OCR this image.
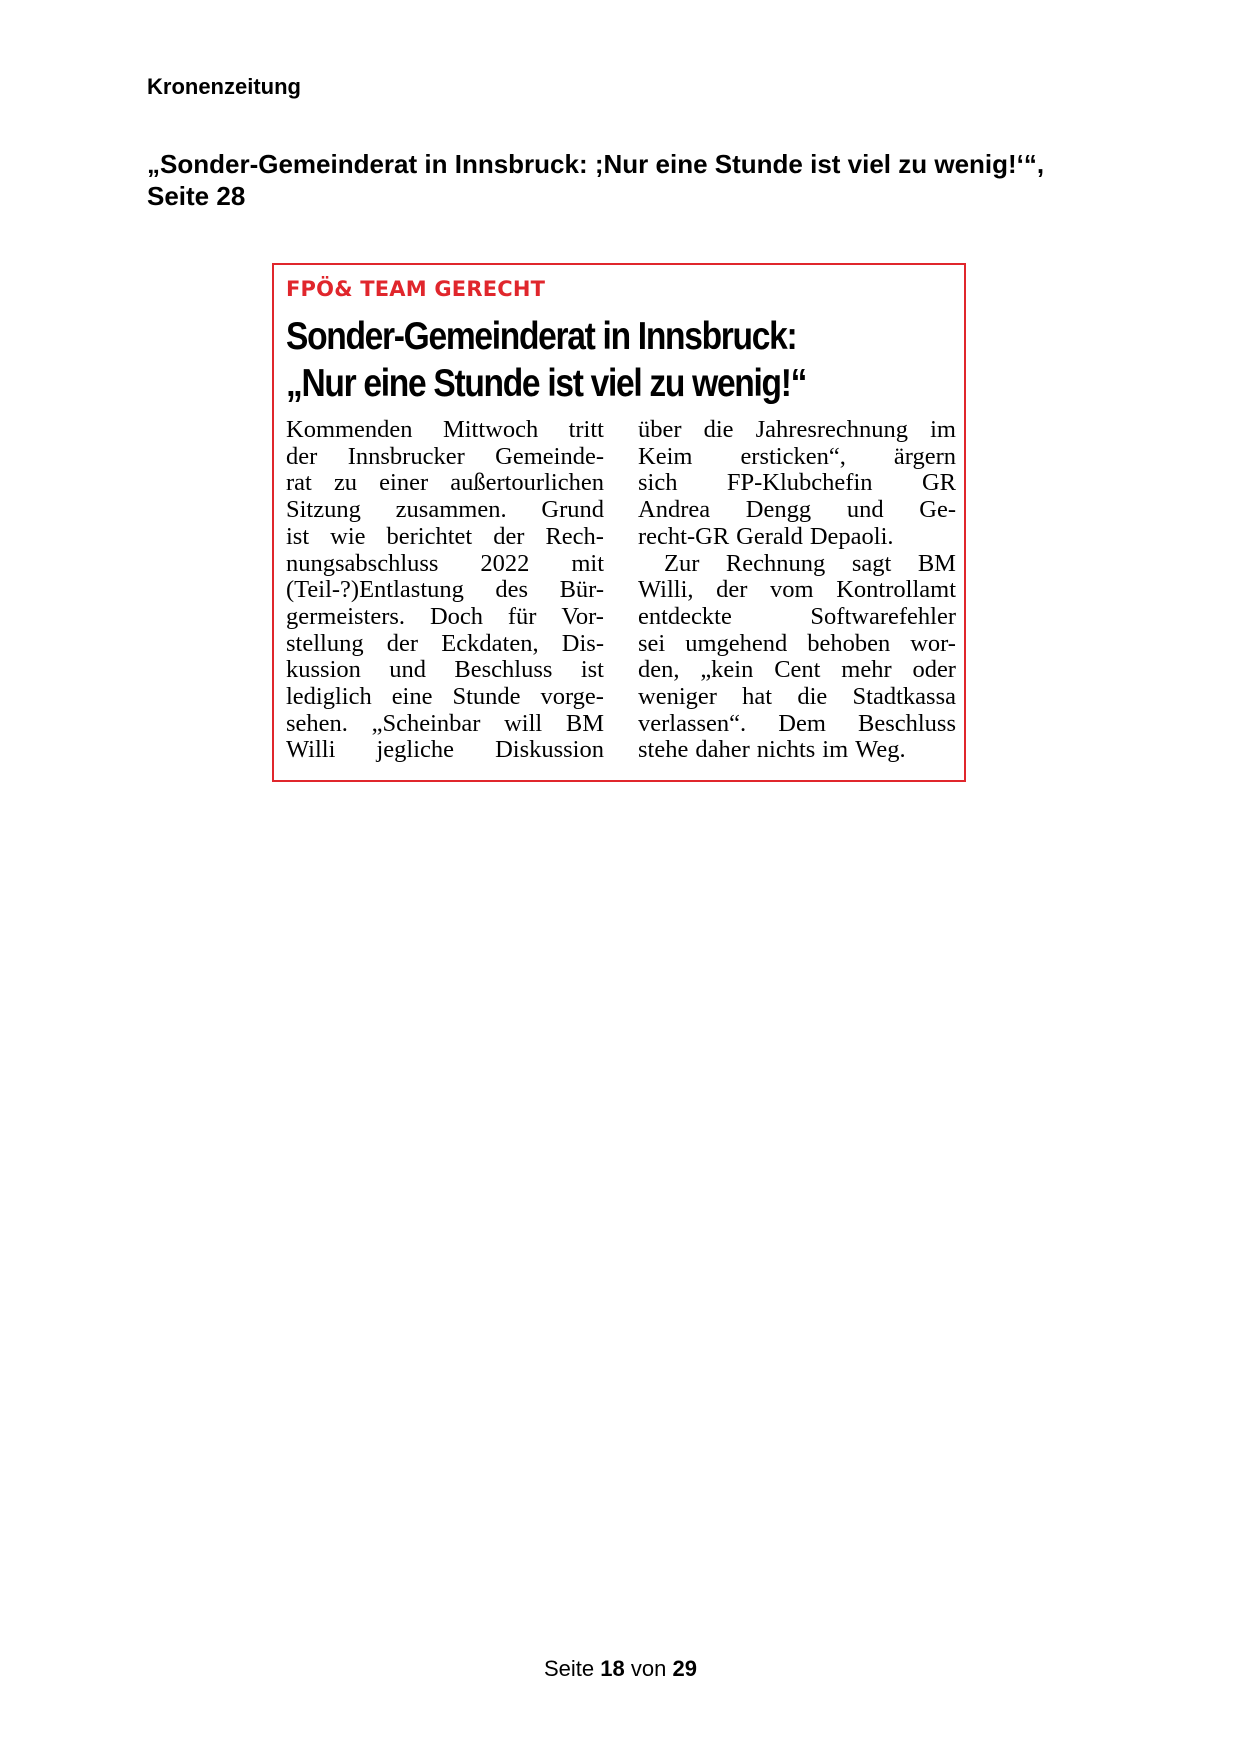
Kronenzeitung
„Sonder-Gemeinderat in Innsbruck: ;Nur eine Stunde ist viel zu wenig!‘“,
Seite 28
FPÖ& TEAM GERECHT
Sonder-Gemeinderat in Innsbruck:
„Nur eine Stunde ist viel zu wenig!“
Kommenden Mittwoch tritt
der Innsbrucker Gemeinde-
rat zu einer außertourlichen
Sitzung zusammen. Grund
ist wie berichtet der Rech-
nungsabschluss 2022 mit
(Teil-?)Entlastung des Bür-
germeisters. Doch für Vor-
stellung der Eckdaten, Dis-
kussion und Beschluss ist
lediglich eine Stunde vorge-
sehen. „Scheinbar will BM
Willi jegliche Diskussion
über die Jahresrechnung im
Keim ersticken“, ärgern
sich FP-Klubchefin GR
Andrea Dengg und Ge-
recht-GR Gerald Depaoli.
Zur Rechnung sagt BM
Willi, der vom Kontrollamt
entdeckte	Softwarefehler
sei umgehend behoben wor-
den, „kein Cent mehr oder
weniger hat die Stadtkassa
verlassen“. Dem Beschluss
stehe daher nichts im Weg.
Seite 18 von 29
